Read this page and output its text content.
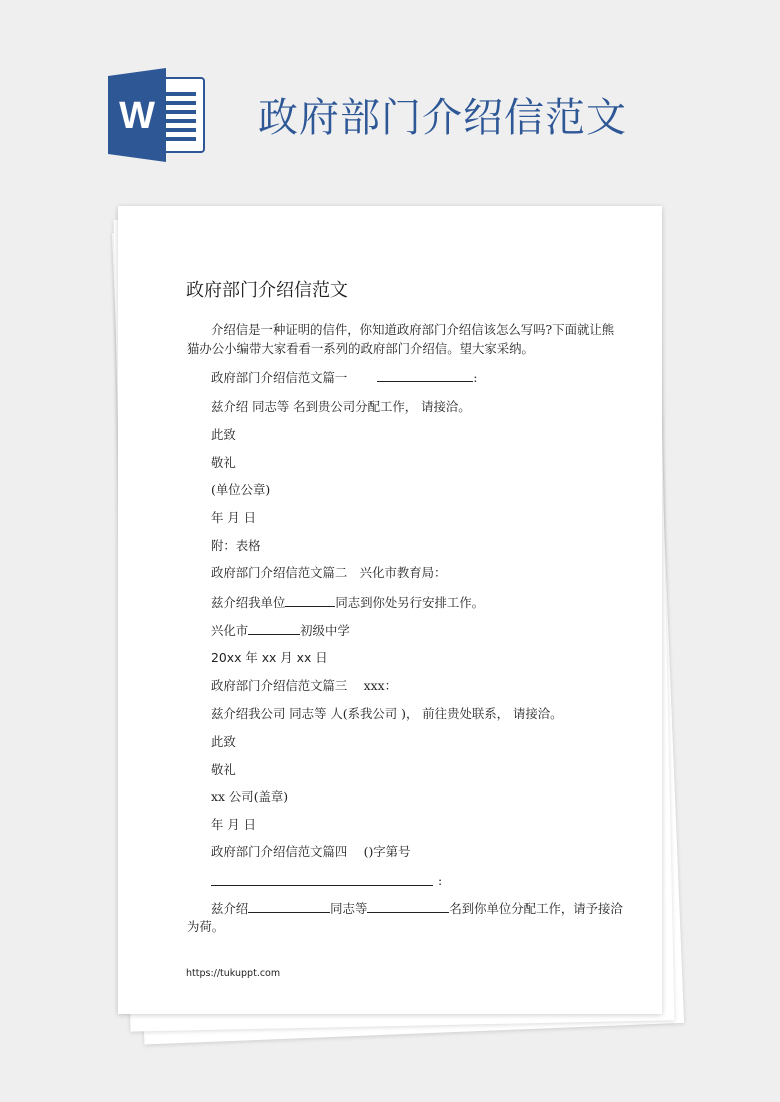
W	政府部门介绍信范文
政府部门介绍信范文
介绍信是一种证明的信件，你知道政府部门介绍信该怎么写吗?下面就让熊猫办公小编带大家看看一系列的政府部门介绍信。望大家采纳。
政府部门介绍信范文篇一	:
兹介绍 同志等 名到贵公司分配工作， 请接洽。
此致
敬礼
(单位公章)
年 月 日
附：表格
政府部门介绍信范文篇二　兴化市教育局：
兹介绍我单位	同志到你处另行安排工作。
兴化市	初级中学
20xx 年 xx 月 xx 日
政府部门介绍信范文篇三　 xxx：
兹介绍我公司 同志等 人(系我公司 )， 前往贵处联系， 请接洽。
此致
敬礼
xx 公司(盖章)
年 月 日
政府部门介绍信范文篇四　 ()字第号
:
兹介绍	同志等	名到你单位分配工作，请予接洽为荷。
https://tukuppt.com
